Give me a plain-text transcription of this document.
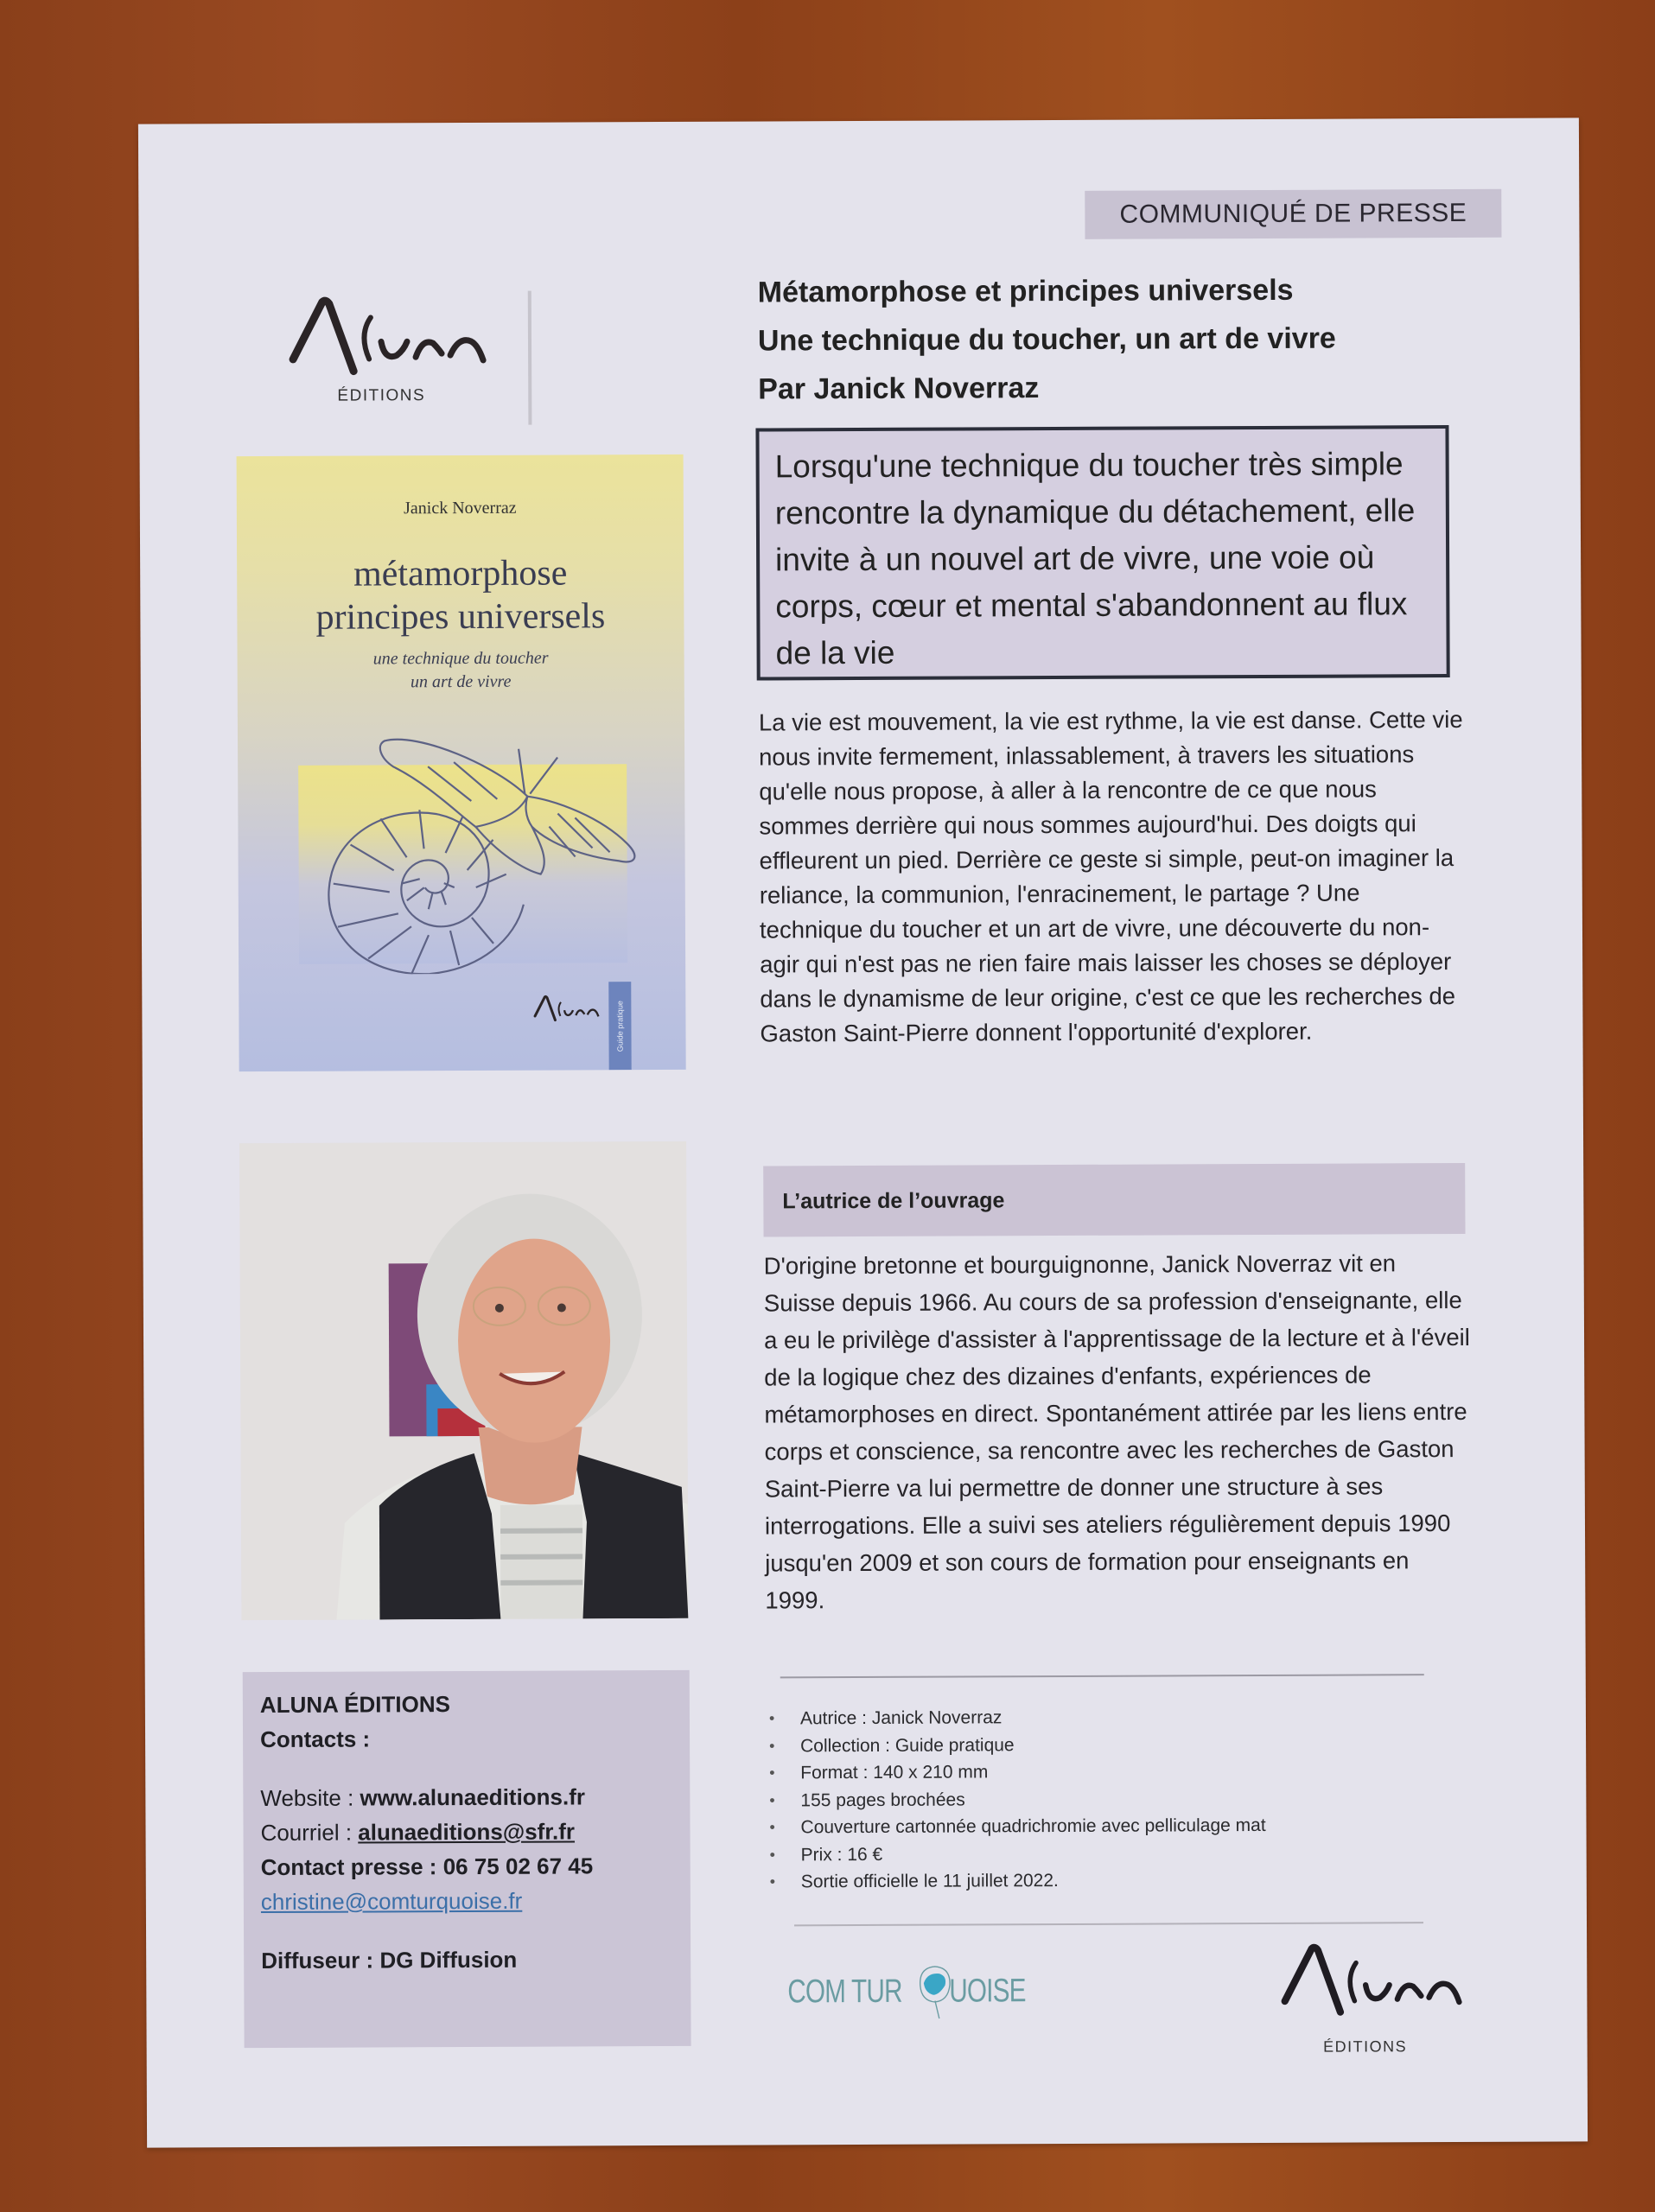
COMMUNIQUÉ DE PRESSE
ÉDITIONS
Métamorphose et principes universels
Une technique du toucher, un art de vivre
Par Janick Noverraz
Lorsqu'une technique du toucher très simple rencontre la dynamique du détachement, elle invite à un nouvel art de vivre, une voie où corps, cœur et mental s'abandonnent au flux de la vie
La vie est mouvement, la vie est rythme, la vie est danse. Cette vie nous invite fermement, inlassablement, à travers les situations qu'elle nous propose, à aller à la rencontre de ce que nous sommes derrière qui nous sommes aujourd'hui. Des doigts qui effleurent un pied. Derrière ce geste si simple, peut-on imaginer la reliance, la communion, l'enracinement, le partage ? Une technique du toucher et un art de vivre, une découverte du non-agir qui n'est pas ne rien faire mais laisser les choses se déployer dans le dynamisme de leur origine, c'est ce que les recherches de Gaston Saint-Pierre donnent l'opportunité d'explorer.
L’autrice de l’ouvrage
D'origine bretonne et bourguignonne, Janick Noverraz vit en Suisse depuis 1966. Au cours de sa profession d'enseignante, elle a eu le privilège d'assister à l'apprentissage de la lecture et à l'éveil de la logique chez des dizaines d'enfants, expériences de métamorphoses en direct. Spontanément attirée par les liens entre corps et conscience, sa rencontre avec les recherches de Gaston Saint-Pierre va lui permettre de donner une structure à ses interrogations. Elle a suivi ses ateliers régulièrement depuis 1990 jusqu'en 2009 et son cours de formation pour enseignants en 1999.
• Autrice : Janick Noverraz
• Collection : Guide pratique
• Format : 140 x 210 mm
• 155 pages brochées
• Couverture cartonnée quadrichromie avec pelliculage mat
• Prix : 16 €
• Sortie officielle le 11 juillet 2022.
Janick Noverraz
métamorphose
principes universels
une technique du toucher
un art de vivre
Guide pratique
ALUNA ÉDITIONS
Contacts :
Website : www.alunaeditions.fr
Courriel : alunaeditions@sfr.fr
Contact presse : 06 75 02 67 45
christine@comturquoise.fr
Diffuseur : DG Diffusion
COM TUR UOISE
ÉDITIONS
